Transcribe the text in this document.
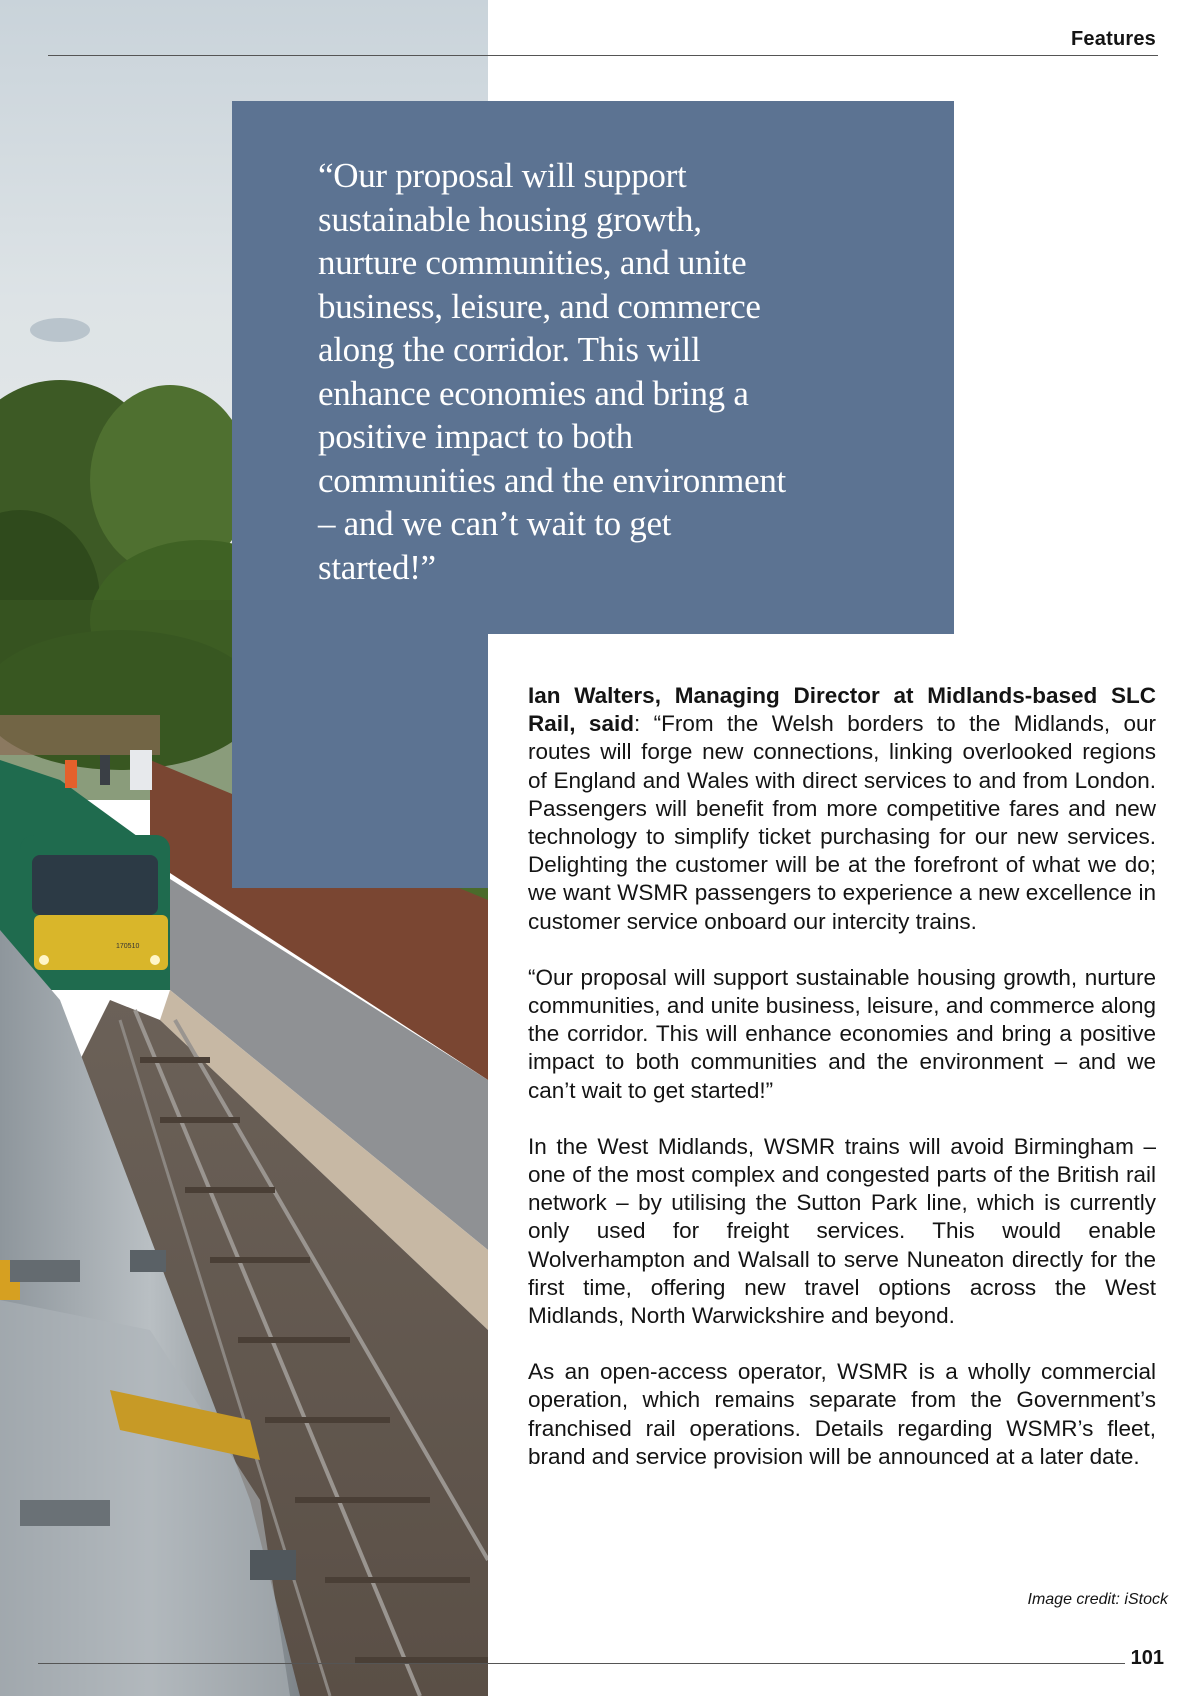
170510
Features

“Our proposal will support sustainable housing growth, nurture communities, and unite business, leisure, and commerce along the corridor. This will enhance economies and bring a positive impact to both communities and the environment – and we can’t wait to get started!”

Ian Walters, Managing Director at Midlands-based SLC Rail, said: “From the Welsh borders to the Midlands, our routes will forge new connections, linking overlooked regions of England and Wales with direct services to and from London. Passengers will benefit from more competitive fares and new technology to simplify ticket purchasing for our new services. Delighting the customer will be at the forefront of what we do; we want WSMR passengers to experience a new excellence in customer service onboard our intercity trains.

“Our proposal will support sustainable housing growth, nurture communities, and unite business, leisure, and commerce along the corridor. This will enhance economies and bring a positive impact to both communities and the environment – and we can’t wait to get started!”

In the West Midlands, WSMR trains will avoid Birmingham – one of the most complex and congested parts of the British rail network – by utilising the Sutton Park line, which is currently only used for freight services. This would enable Wolverhampton and Walsall to serve Nuneaton directly for the first time, offering new travel options across the West Midlands, North Warwickshire and beyond.

As an open-access operator, WSMR is a wholly commercial operation, which remains separate from the Government’s franchised rail operations. Details regarding WSMR’s fleet, brand and service provision will be announced at a later date.

Image credit: iStock
101
